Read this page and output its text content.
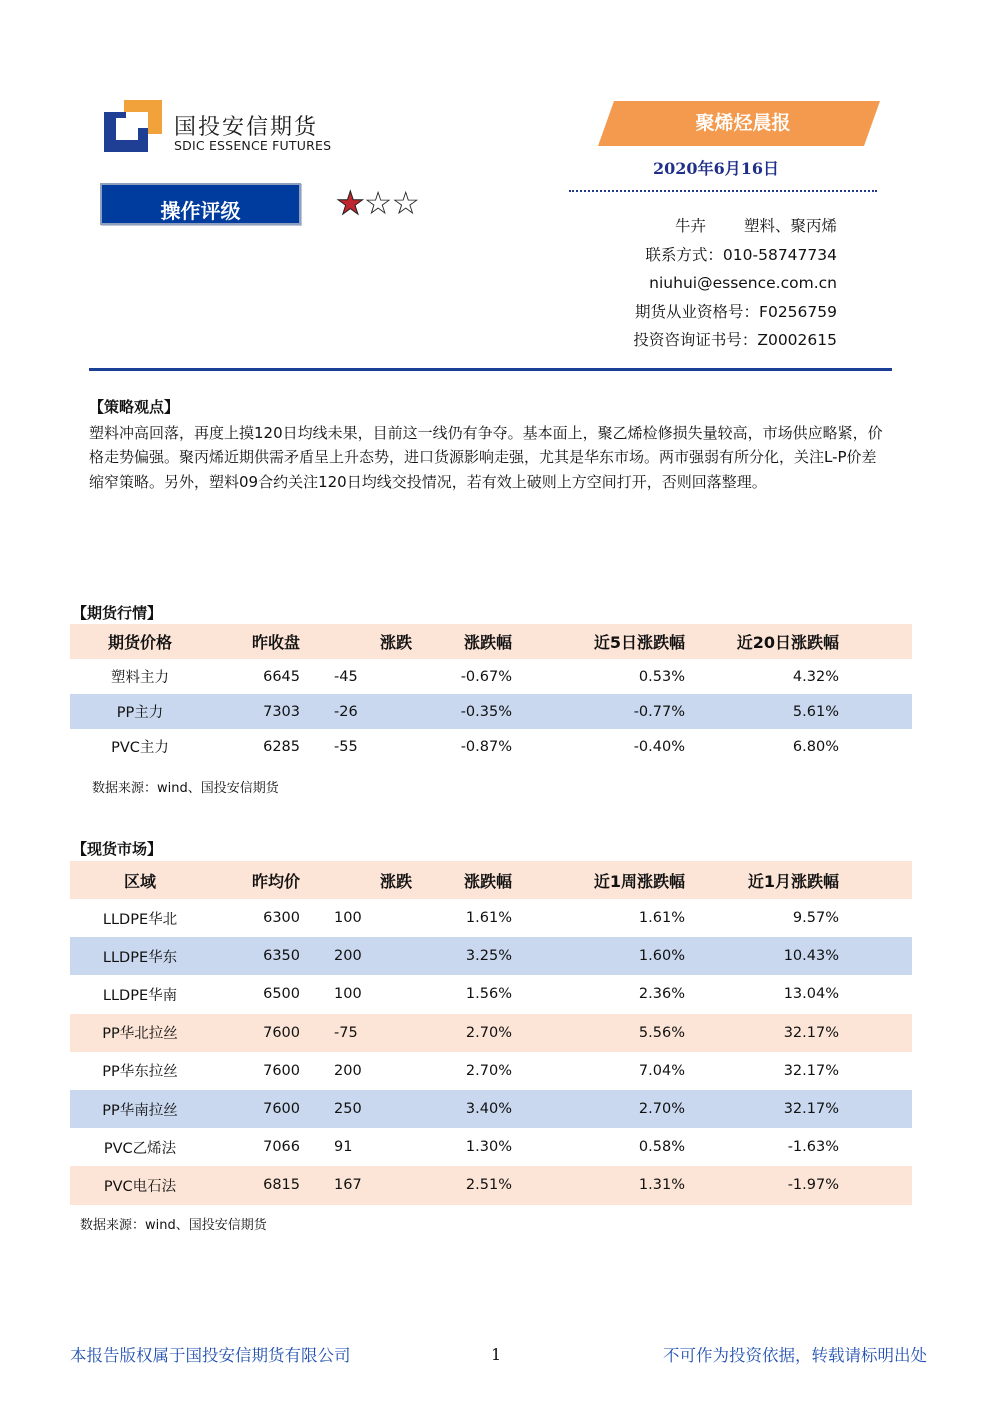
国投安信期货
SDIC ESSENCE FUTURES
聚烯烃晨报
2020年6月16日
操作评级	★☆☆
牛卉 塑料、聚丙烯
联系方式：010-58747734
niuhui@essence.com.cn
期货从业资格号：F0256759
投资咨询证书号：Z0002615
【策略观点】
塑料冲高回落，再度上摸120日均线未果，目前这一线仍有争夺。基本面上，聚乙烯检修损失量较高，市场供应略紧，价格走势偏强。聚丙烯近期供需矛盾呈上升态势，进口货源影响走强，尤其是华东市场。两市强弱有所分化，关注L-P价差缩窄策略。另外，塑料09合约关注120日均线交投情况，若有效上破则上方空间打开，否则回落整理。
【期货行情】
期货价格	昨收盘	涨跌	涨跌幅	近5日涨跌幅	近20日涨跌幅	
塑料主力	6645	-45	-0.67%	0.53%	4.32%	
PP主力	7303	-26	-0.35%	-0.77%	5.61%	
PVC主力	6285	-55	-0.87%	-0.40%	6.80%	
数据来源：wind、国投安信期货
【现货市场】
区域	昨均价	涨跌	涨跌幅	近1周涨跌幅	近1月涨跌幅	
LLDPE华北	6300	100	1.61%	1.61%	9.57%	
LLDPE华东	6350	200	3.25%	1.60%	10.43%	
LLDPE华南	6500	100	1.56%	2.36%	13.04%	
PP华北拉丝	7600	-75	2.70%	5.56%	32.17%	
PP华东拉丝	7600	200	2.70%	7.04%	32.17%	
PP华南拉丝	7600	250	3.40%	2.70%	32.17%	
PVC乙烯法	7066	91	1.30%	0.58%	-1.63%	
PVC电石法	6815	167	2.51%	1.31%	-1.97%	
数据来源：wind、国投安信期货
本报告版权属于国投安信期货有限公司	1	不可作为投资依据，转载请标明出处
